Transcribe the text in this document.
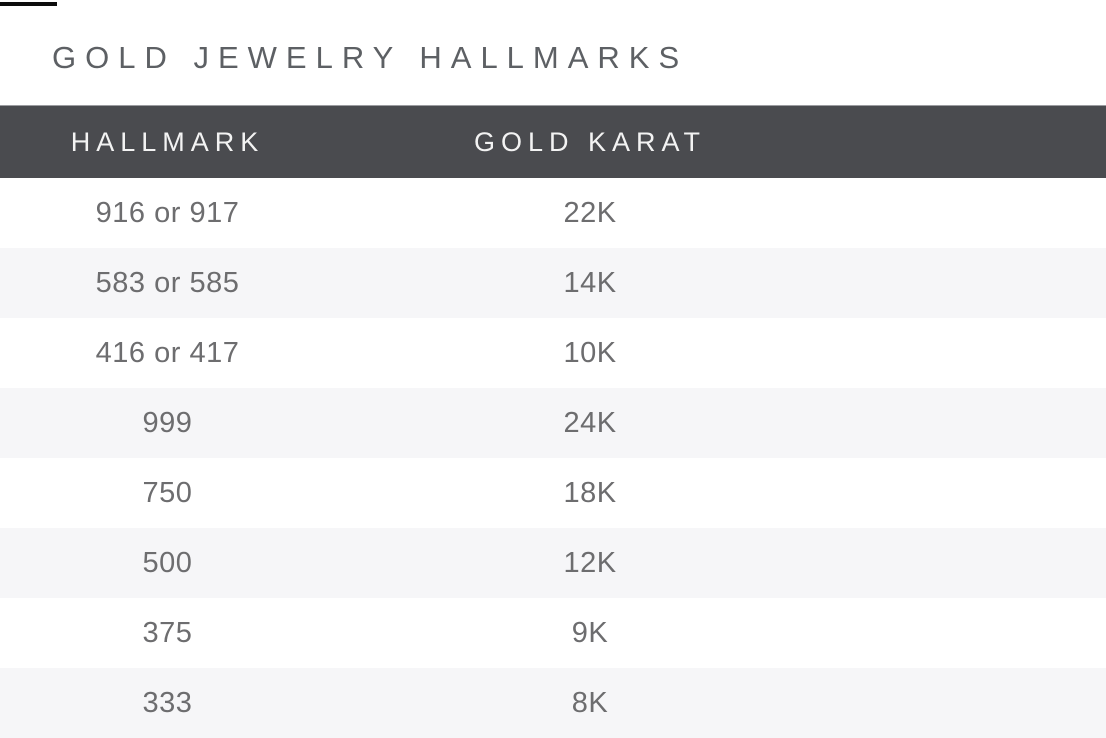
GOLD JEWELRY HALLMARKS
HALLMARK	GOLD KARAT
916 or 917	22K
583 or 585	14K
416 or 417	10K
999	24K
750	18K
500	12K
375	9K
333	8K
